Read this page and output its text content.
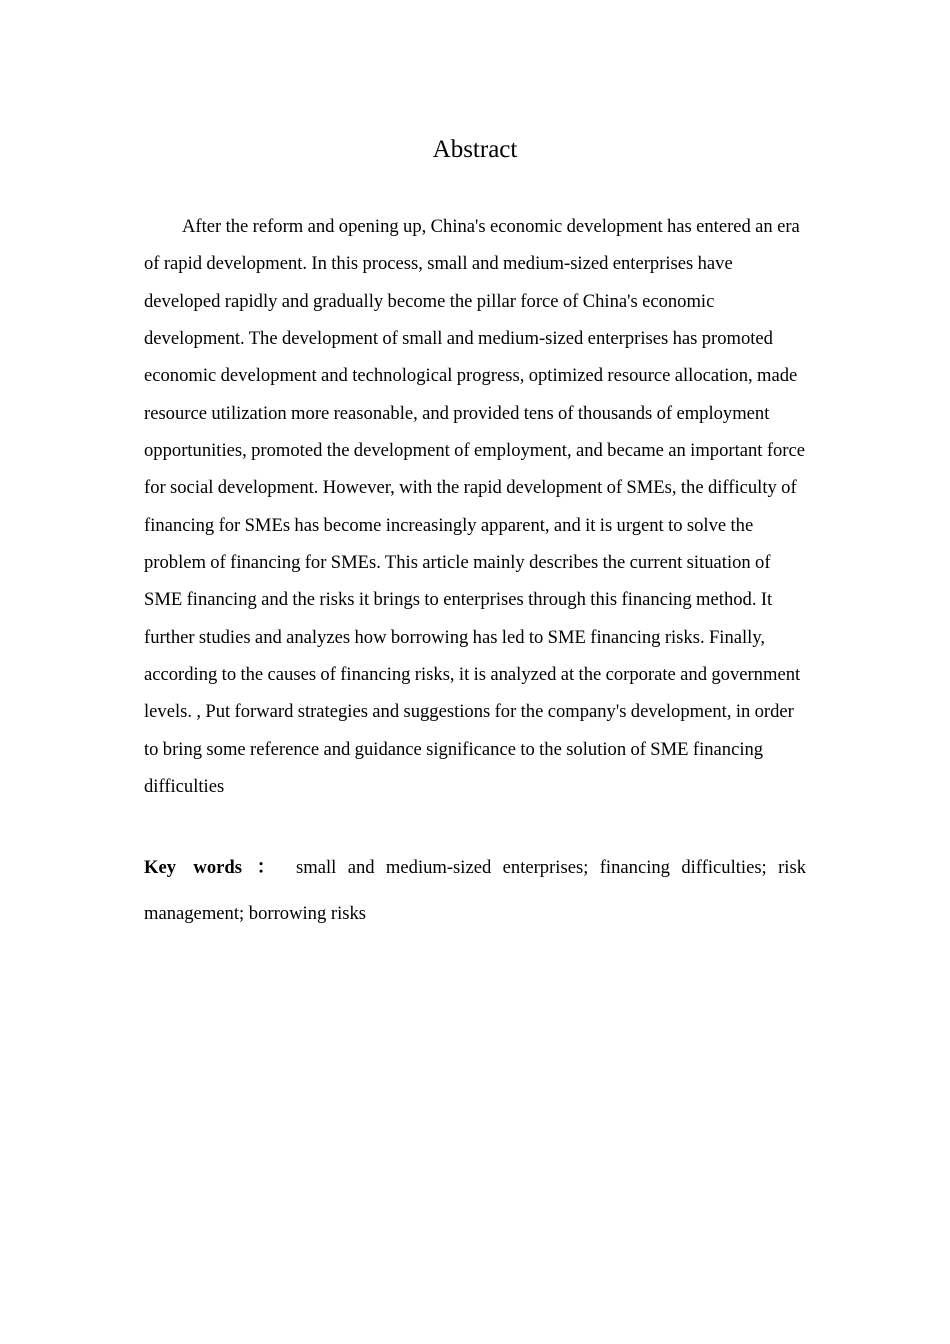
Abstract

After the reform and opening up, China's economic development has entered an era of rapid development. In this process, small and medium-sized enterprises have developed rapidly and gradually become the pillar force of China's economic development. The development of small and medium-sized enterprises has promoted economic development and technological progress, optimized resource allocation, made resource utilization more reasonable, and provided tens of thousands of employment opportunities, promoted the development of employment, and became an important force for social development. However, with the rapid development of SMEs, the difficulty of financing for SMEs has become increasingly apparent, and it is urgent to solve the problem of financing for SMEs. This article mainly describes the current situation of SME financing and the risks it brings to enterprises through this financing method. It further studies and analyzes how borrowing has led to SME financing risks. Finally, according to the causes of financing risks, it is analyzed at the corporate and government levels. , Put forward strategies and suggestions for the company's development, in order to bring some reference and guidance significance to the solution of SME financing difficulties

Key words ： small and medium-sized enterprises; financing difficulties; risk management; borrowing risks
